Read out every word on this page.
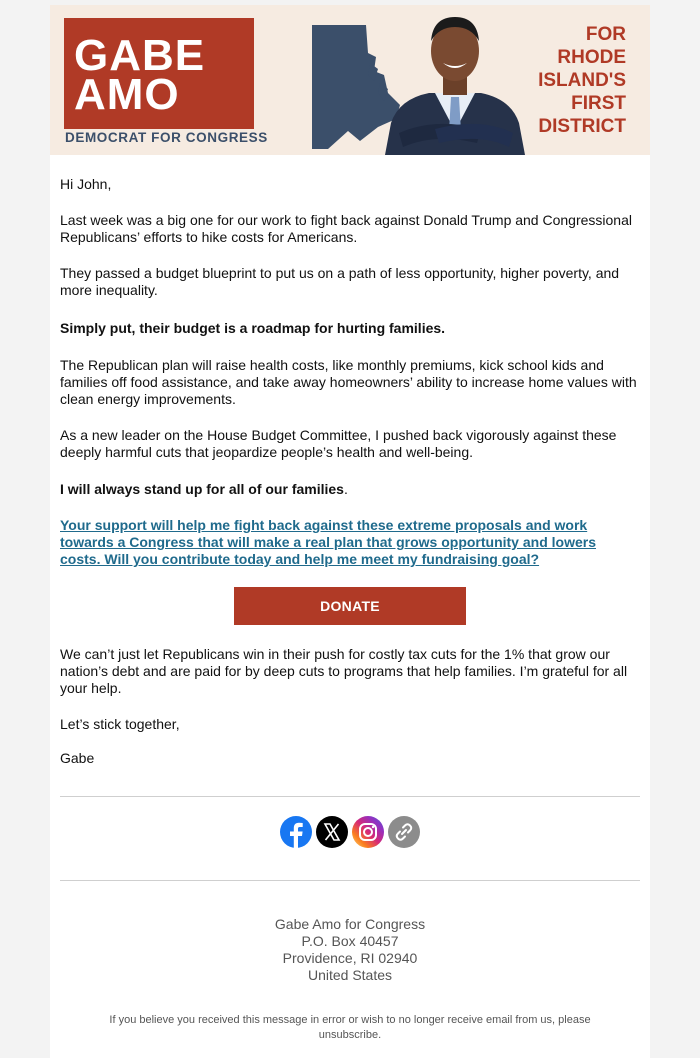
GABE
AMO
DEMOCRAT FOR CONGRESS
FOR
RHODE
ISLAND'S
FIRST
DISTRICT

Hi John,

Last week was a big one for our work to fight back against Donald Trump and Congressional Republicans’ efforts to hike costs for Americans.

They passed a budget blueprint to put us on a path of less opportunity, higher poverty, and more inequality.

Simply put, their budget is a roadmap for hurting families.

The Republican plan will raise health costs, like monthly premiums, kick school kids and families off food assistance, and take away homeowners’ ability to increase home values with clean energy improvements.

As a new leader on the House Budget Committee, I pushed back vigorously against these deeply harmful cuts that jeopardize people’s health and well-being.

I will always stand up for all of our families.

Your support will help me fight back against these extreme proposals and work towards a Congress that will make a real plan that grows opportunity and lowers costs. Will you contribute today and help me meet my fundraising goal?
DONATE

We can’t just let Republicans win in their push for costly tax cuts for the 1% that grow our nation’s debt and are paid for by deep cuts to programs that help families. I’m grateful for all your help.

Let’s stick together,

Gabe

Gabe Amo for Congress
P.O. Box 40457
Providence, RI 02940
United States
If you believe you received this message in error or wish to no longer receive email from us, please unsubscribe.
